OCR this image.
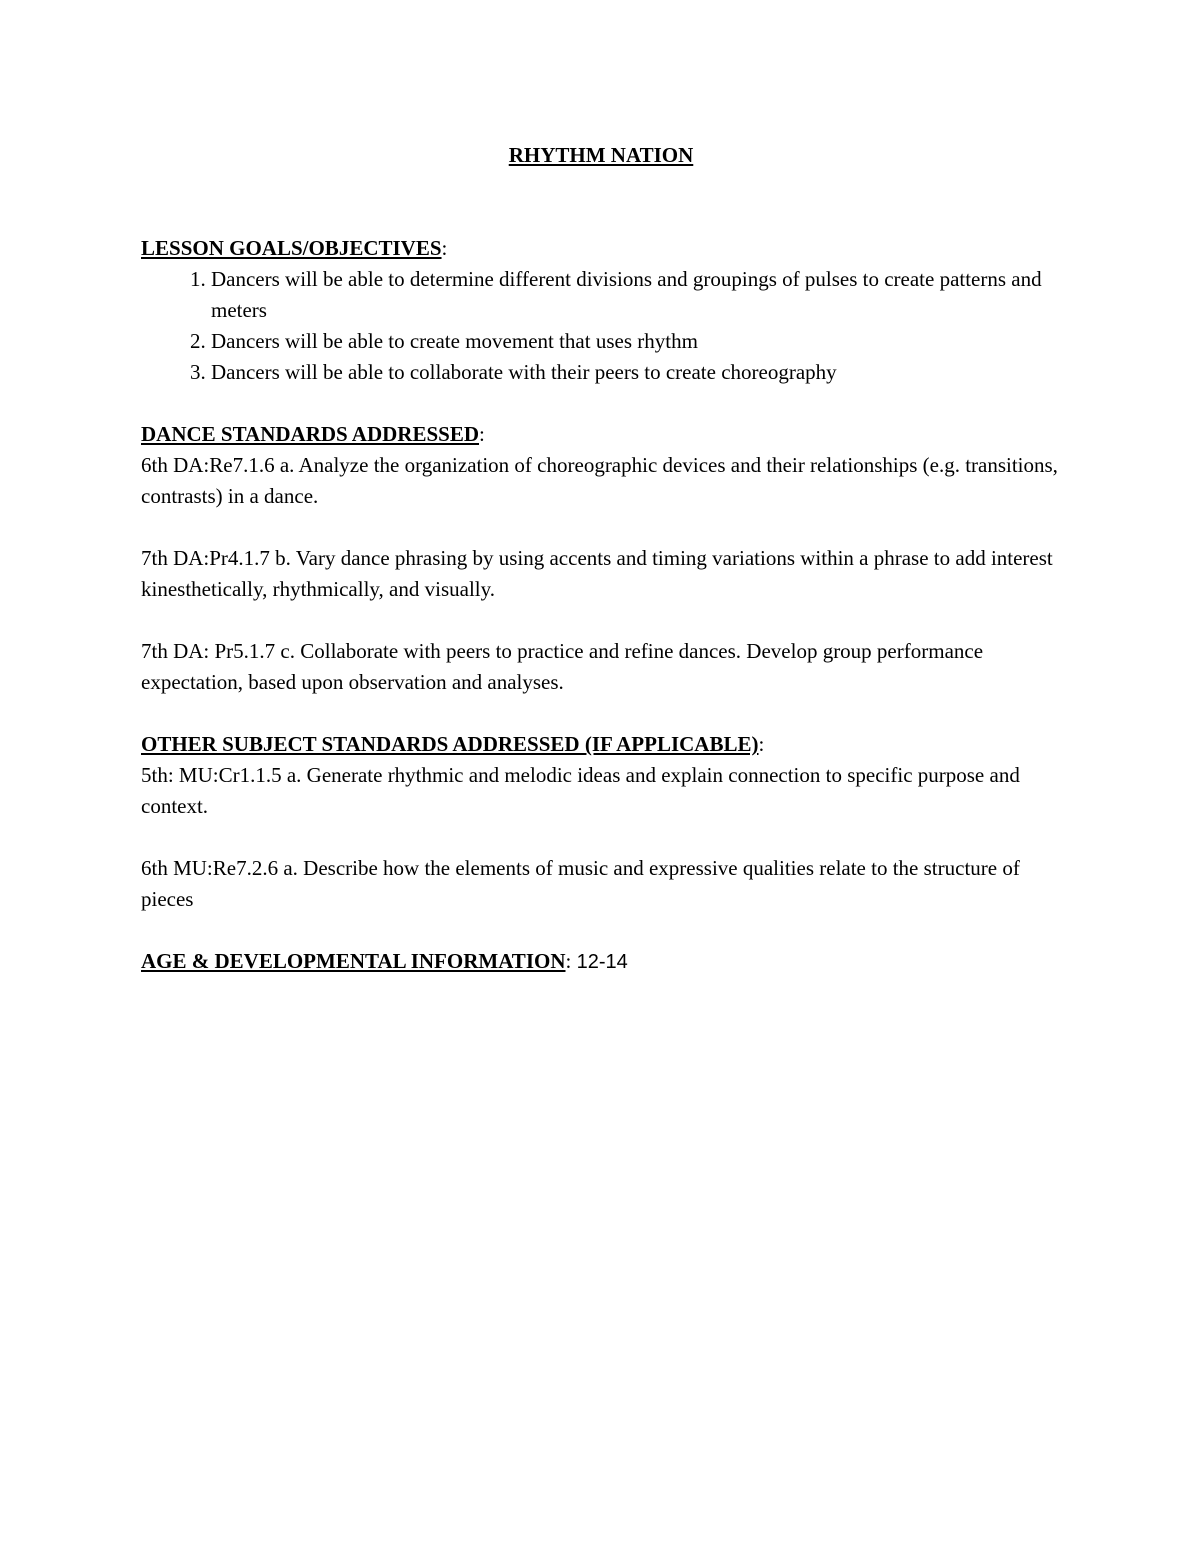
RHYTHM NATION

LESSON GOALS/OBJECTIVES:

1. Dancers will be able to determine different divisions and groupings of pulses to create patterns and meters
2. Dancers will be able to create movement that uses rhythm
3. Dancers will be able to collaborate with their peers to create choreography

DANCE STANDARDS ADDRESSED:

6th DA:Re7.1.6 a. Analyze the organization of choreographic devices and their relationships (e.g. transitions, contrasts) in a dance.

7th DA:Pr4.1.7 b. Vary dance phrasing by using accents and timing variations within a phrase to add interest kinesthetically, rhythmically, and visually.

7th DA: Pr5.1.7 c. Collaborate with peers to practice and refine dances. Develop group performance expectation, based upon observation and analyses.

OTHER SUBJECT STANDARDS ADDRESSED (IF APPLICABLE):

5th: MU:Cr1.1.5 a. Generate rhythmic and melodic ideas and explain connection to specific purpose and context.

6th MU:Re7.2.6 a. Describe how the elements of music and expressive qualities relate to the structure of pieces

AGE & DEVELOPMENTAL INFORMATION: 12-14
